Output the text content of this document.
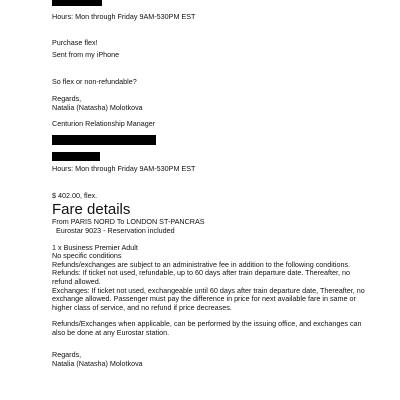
Hours: Mon through Friday 9AM-530PM EST
Purchase flex!
Sent from my iPhone
So flex or non-refundable?
Regards,
Natalia (Natasha) Molotkova
Centurion Relationship Manager
Hours: Mon through Friday 9AM-530PM EST
$ 402.00, flex.
Fare details
From PARIS NORD To LONDON ST-PANCRAS
Eurostar 9023 - Reservation included
1 x Business Premier Adult
No specific conditions
Refunds/exchanges are subject to an administrative fee in addition to the following conditions.
Refunds: If ticket not used, refundable, up to 60 days after train departure date. Thereafter, no refund allowed.
Exchanges: If ticket not used, exchangeable until 60 days after train departure date, Thereafter, no exchange allowed. Passenger must pay the difference in price for next available fare in same or higher class of service, and no refund if price decreases.
Refunds/Exchanges when applicable, can be performed by the issuing office, and exchanges can also be done at any Eurostar station.
Regards,
Natalia (Natasha) Molotkova
